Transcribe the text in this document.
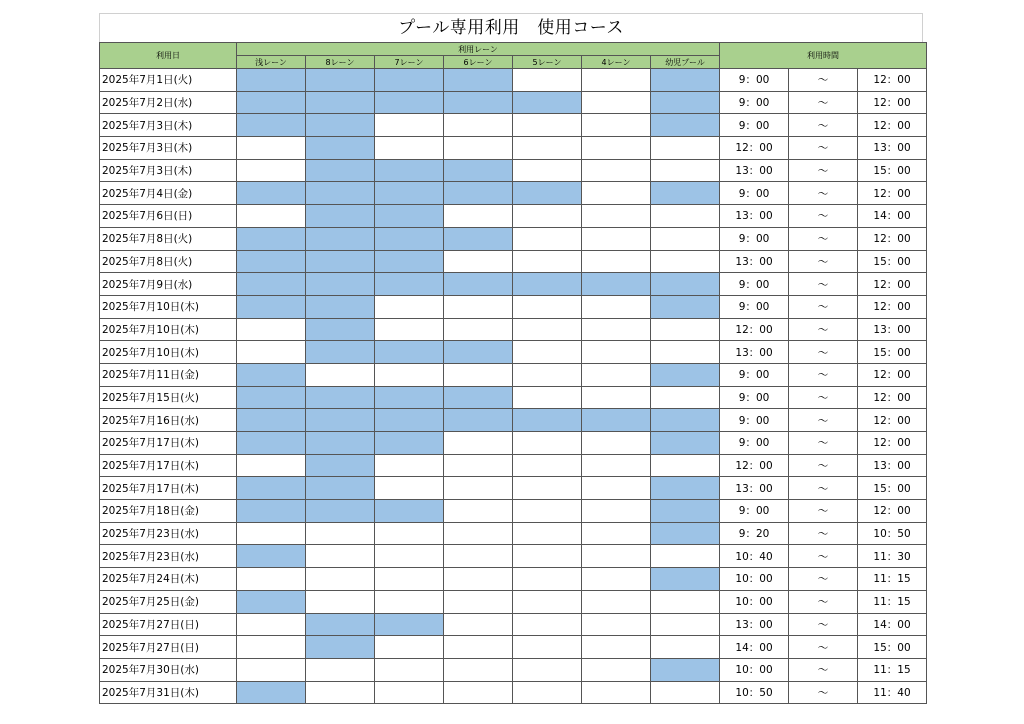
プール専用利用　使用コース
利用日	利用レーン							利用時間		
	浅レーン	8レーン	7レーン	6レーン	5レーン	4レーン	幼児プール			
2025年7月1日(火)								9：00	～	12：00
2025年7月2日(水)								9：00	～	12：00
2025年7月3日(木)								9：00	～	12：00
2025年7月3日(木)								12：00	～	13：00
2025年7月3日(木)								13：00	～	15：00
2025年7月4日(金)								9：00	～	12：00
2025年7月6日(日)								13：00	～	14：00
2025年7月8日(火)								9：00	～	12：00
2025年7月8日(火)								13：00	～	15：00
2025年7月9日(水)								9：00	～	12：00
2025年7月10日(木)								9：00	～	12：00
2025年7月10日(木)								12：00	～	13：00
2025年7月10日(木)								13：00	～	15：00
2025年7月11日(金)								9：00	～	12：00
2025年7月15日(火)								9：00	～	12：00
2025年7月16日(水)								9：00	～	12：00
2025年7月17日(木)								9：00	～	12：00
2025年7月17日(木)								12：00	～	13：00
2025年7月17日(木)								13：00	～	15：00
2025年7月18日(金)								9：00	～	12：00
2025年7月23日(水)								9：20	～	10：50
2025年7月23日(水)								10：40	～	11：30
2025年7月24日(木)								10：00	～	11：15
2025年7月25日(金)								10：00	～	11：15
2025年7月27日(日)								13：00	～	14：00
2025年7月27日(日)								14：00	～	15：00
2025年7月30日(水)								10：00	～	11：15
2025年7月31日(木)								10：50	～	11：40
